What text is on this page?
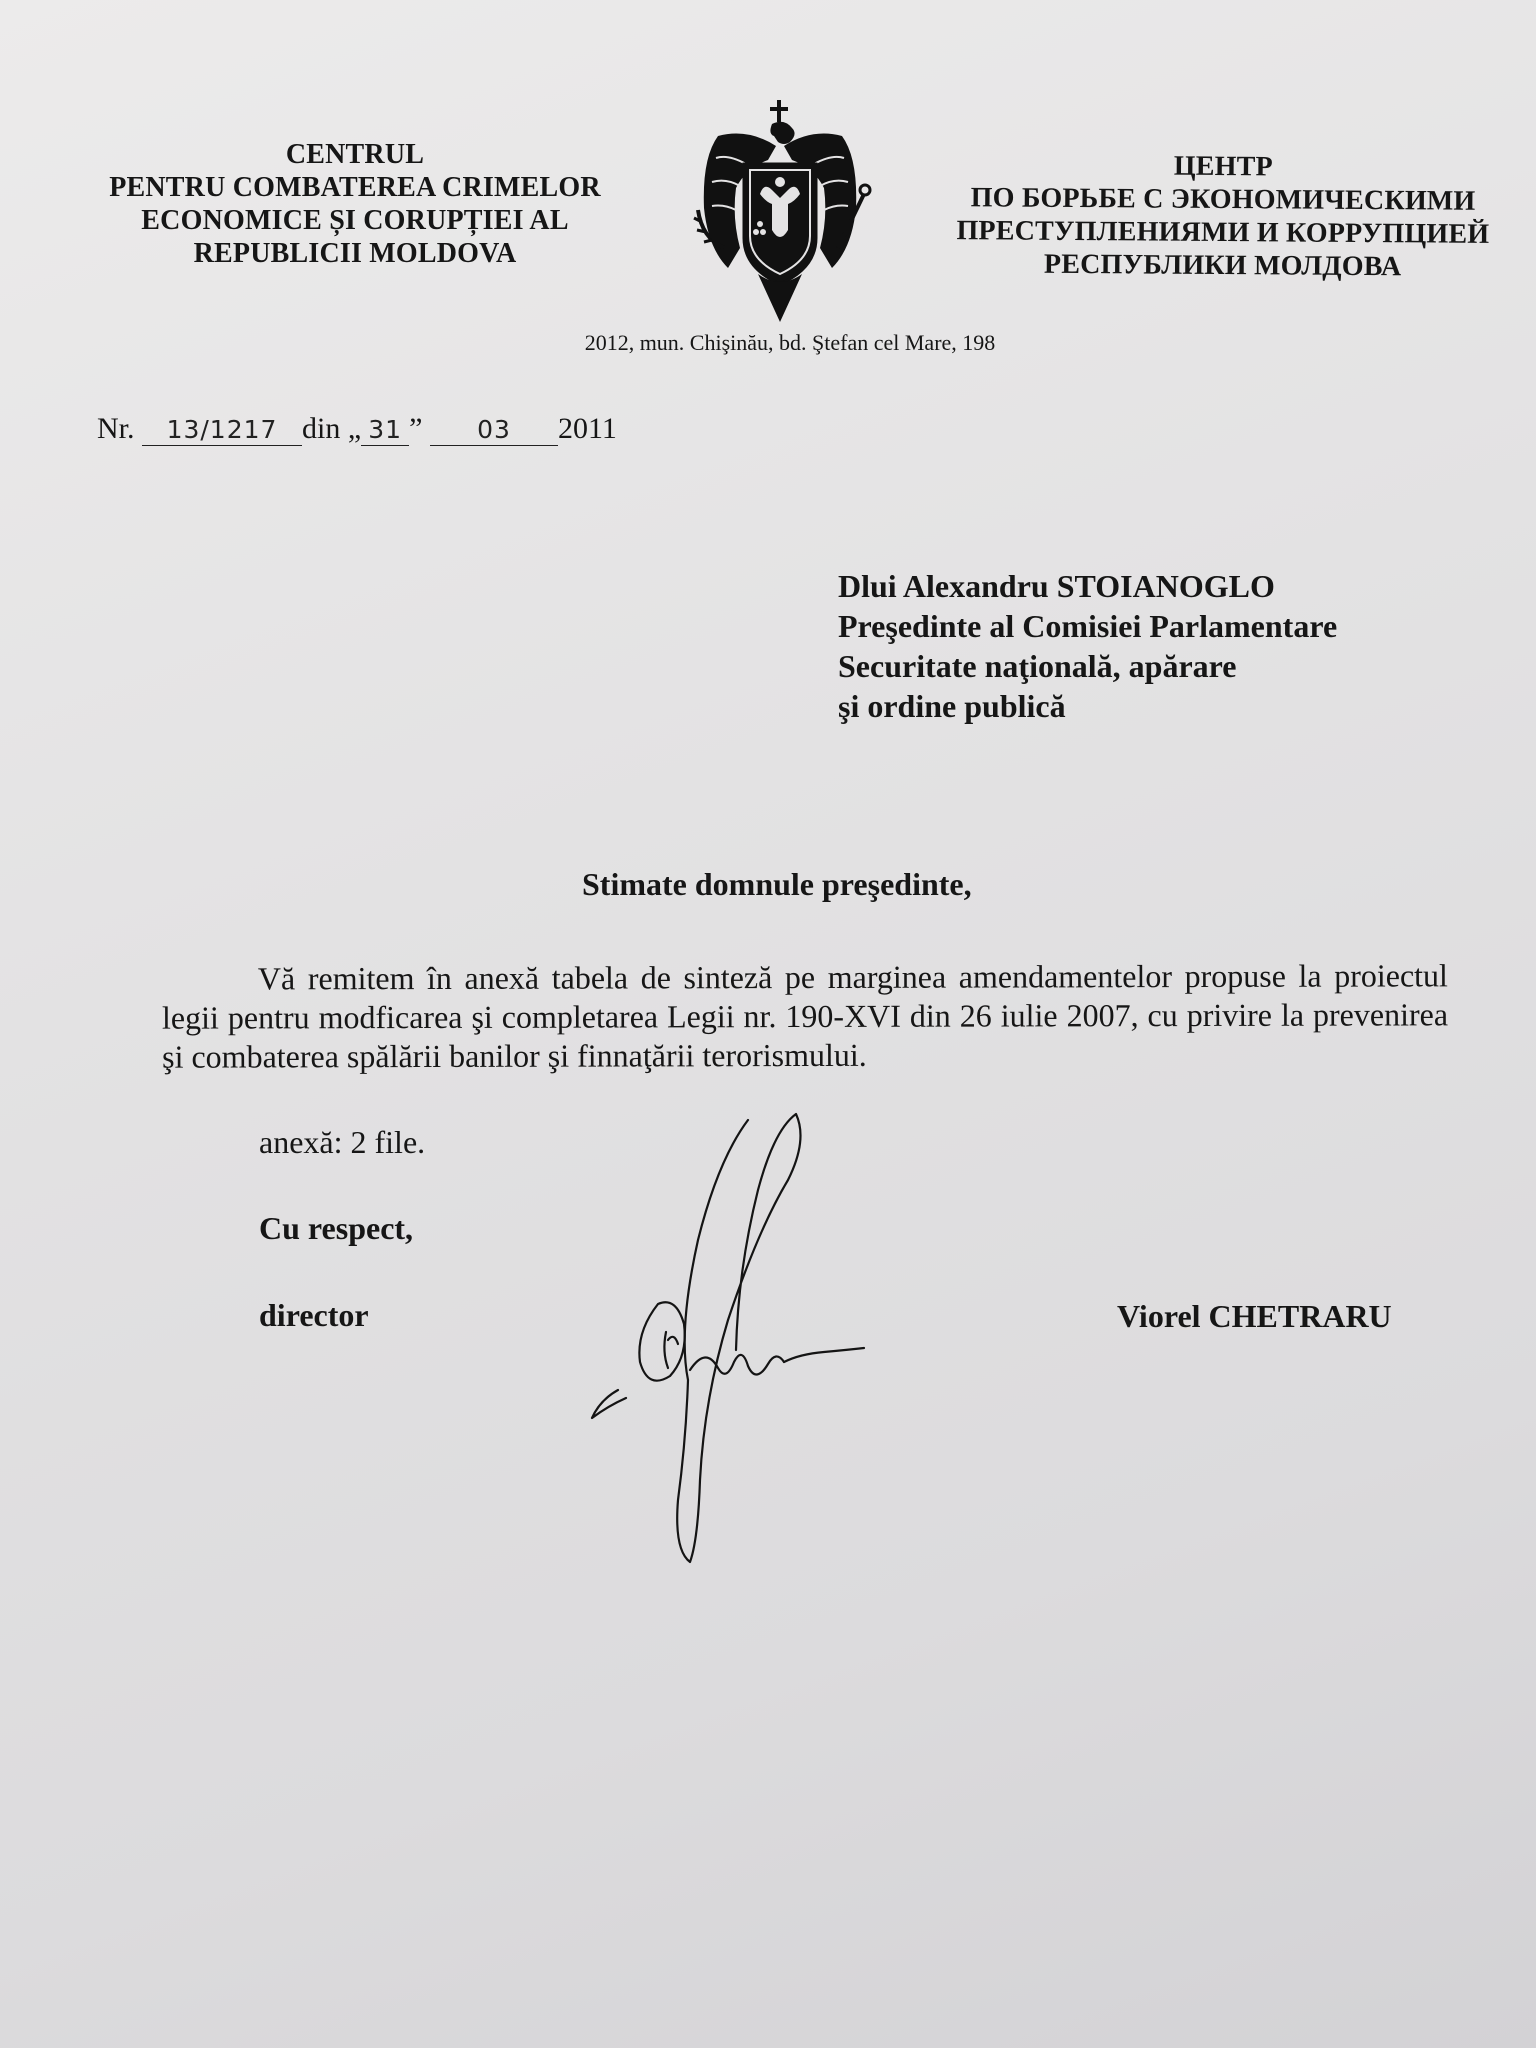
CENTRUL
PENTRU COMBATEREA CRIMELOR
ECONOMICE ȘI CORUPȚIEI AL
REPUBLICII MOLDOVA
ЦЕНТР
ПО БОРЬБЕ С ЭКОНОМИЧЕСКИМИ
ПРЕСТУПЛЕНИЯМИ И КОРРУПЦИЕЙ
РЕСПУБЛИКИ МОЛДОВА
2012, mun. Chişinău, bd. Ştefan cel Mare, 198
Nr. 13/1217 din „ 31 ” 03 2011
Dlui Alexandru STOIANOGLO
Preşedinte al Comisiei Parlamentare
Securitate naţională, apărare
şi ordine publică
Stimate domnule preşedinte,

Vă remitem în anexă tabela de sinteză pe marginea amendamentelor propuse la proiectul legii pentru modficarea şi completarea Legii nr. 190-XVI din 26 iulie 2007, cu privire la prevenirea şi combaterea spălării banilor şi finnaţării terorismului.

anexă: 2 file.
Cu respect,
director	Viorel CHETRARU
